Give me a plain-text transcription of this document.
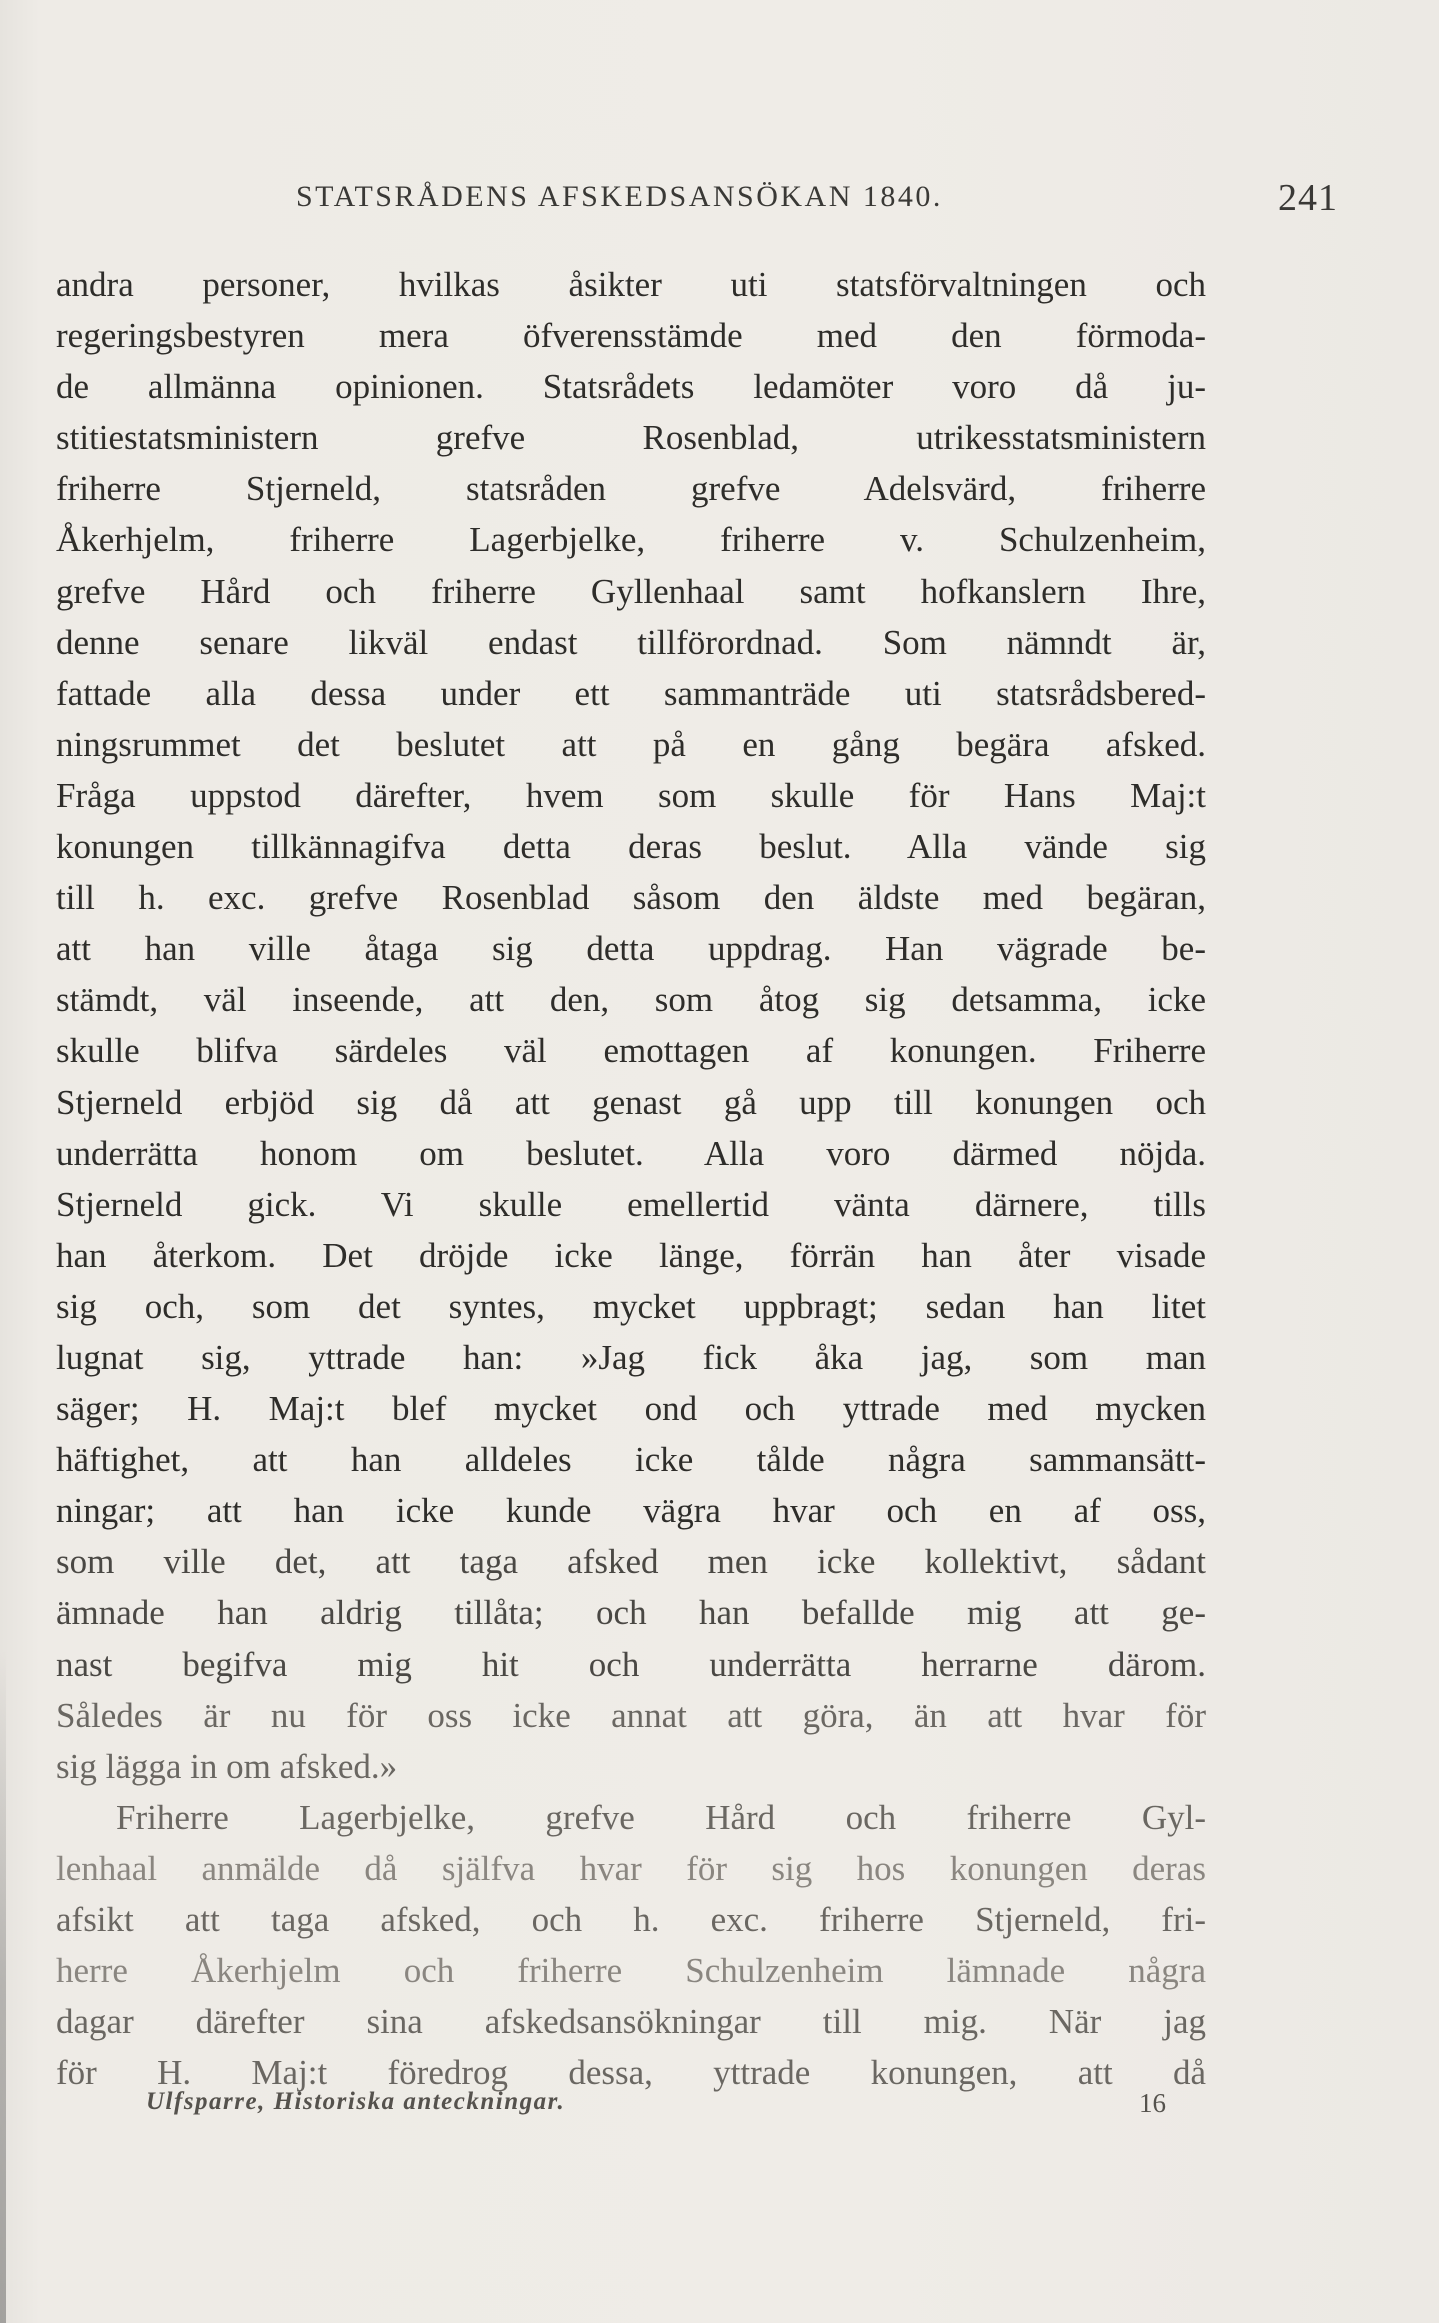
STATSRÅDENS AFSKEDSANSÖKAN 1840.	241
andra personer, hvilkas åsikter uti statsförvaltningen och
regeringsbestyren mera öfverensstämde med den förmoda-
de allmänna opinionen. Statsrådets ledamöter voro då ju-
stitiestatsministern grefve Rosenblad, utrikesstatsministern
friherre Stjerneld, statsråden grefve Adelsvärd, friherre
Åkerhjelm, friherre Lagerbjelke, friherre v. Schulzenheim,
grefve Hård och friherre Gyllenhaal samt hofkanslern Ihre,
denne senare likväl endast tillförordnad. Som nämndt är,
fattade alla dessa under ett sammanträde uti statsrådsbered-
ningsrummet det beslutet att på en gång begära afsked.
Fråga uppstod därefter, hvem som skulle för Hans Maj:t
konungen tillkännagifva detta deras beslut. Alla vände sig
till h. exc. grefve Rosenblad såsom den äldste med begäran,
att han ville åtaga sig detta uppdrag. Han vägrade be-
stämdt, väl inseende, att den, som åtog sig detsamma, icke
skulle blifva särdeles väl emottagen af konungen. Friherre
Stjerneld erbjöd sig då att genast gå upp till konungen och
underrätta honom om beslutet. Alla voro därmed nöjda.
Stjerneld gick. Vi skulle emellertid vänta därnere, tills
han återkom. Det dröjde icke länge, förrän han åter visade
sig och, som det syntes, mycket uppbragt; sedan han litet
lugnat sig, yttrade han: »Jag fick åka jag, som man
säger; H. Maj:t blef mycket ond och yttrade med mycken
häftighet, att han alldeles icke tålde några sammansätt-
ningar; att han icke kunde vägra hvar och en af oss,
som ville det, att taga afsked men icke kollektivt, sådant
ämnade han aldrig tillåta; och han befallde mig att ge-
nast begifva mig hit och underrätta herrarne därom.
Således är nu för oss icke annat att göra, än att hvar för
sig lägga in om afsked.»
Friherre Lagerbjelke, grefve Hård och friherre Gyl-
lenhaal anmälde då själfva hvar för sig hos konungen deras
afsikt att taga afsked, och h. exc. friherre Stjerneld, fri-
herre Åkerhjelm och friherre Schulzenheim lämnade några
dagar därefter sina afskedsansökningar till mig. När jag
för H. Maj:t föredrog dessa, yttrade konungen, att då
Ulfsparre, Historiska anteckningar.	16
